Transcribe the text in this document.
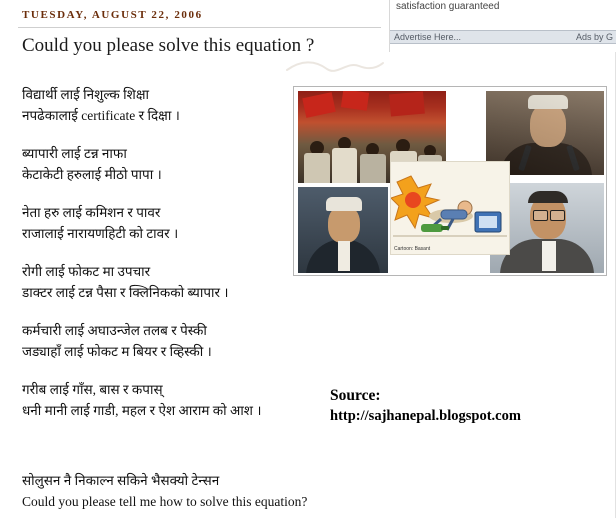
satisfaction guaranteed
Advertise Here...	Ads by G
TUESDAY, AUGUST 22, 2006
Could you please solve this equation ?
विद्यार्थी लाई निशुल्क शिक्षा
नपढेकालाई certificate र दिक्षा ।
ब्यापारी लाई टन्न नाफा
केटाकेटी हरुलाई मीठो पापा ।
नेता हरु लाई कमिशन र पावर
राजालाई नारायणहिटी को टावर ।
रोगी लाई फोकट मा उपचार
डाक्टर लाई टन्न पैसा र क्लिनिकको ब्यापार ।
कर्मचारी लाई अघाउन्जेल तलब र पेस्की
जड्याहाँ लाई फोकट म बियर र व्हिस्की ।
गरीब लाई गाँस, बास र कपास्
धनी मानी लाई गाडी, महल र ऐश आराम को आश ।
सोलुसन नै निकाल्न सकिने भैसक्यो टेन्सन
Could you please tell me how to solve this equation?
Cartoon: Basant
Source:
http://sajhanepal.blogspot.com
